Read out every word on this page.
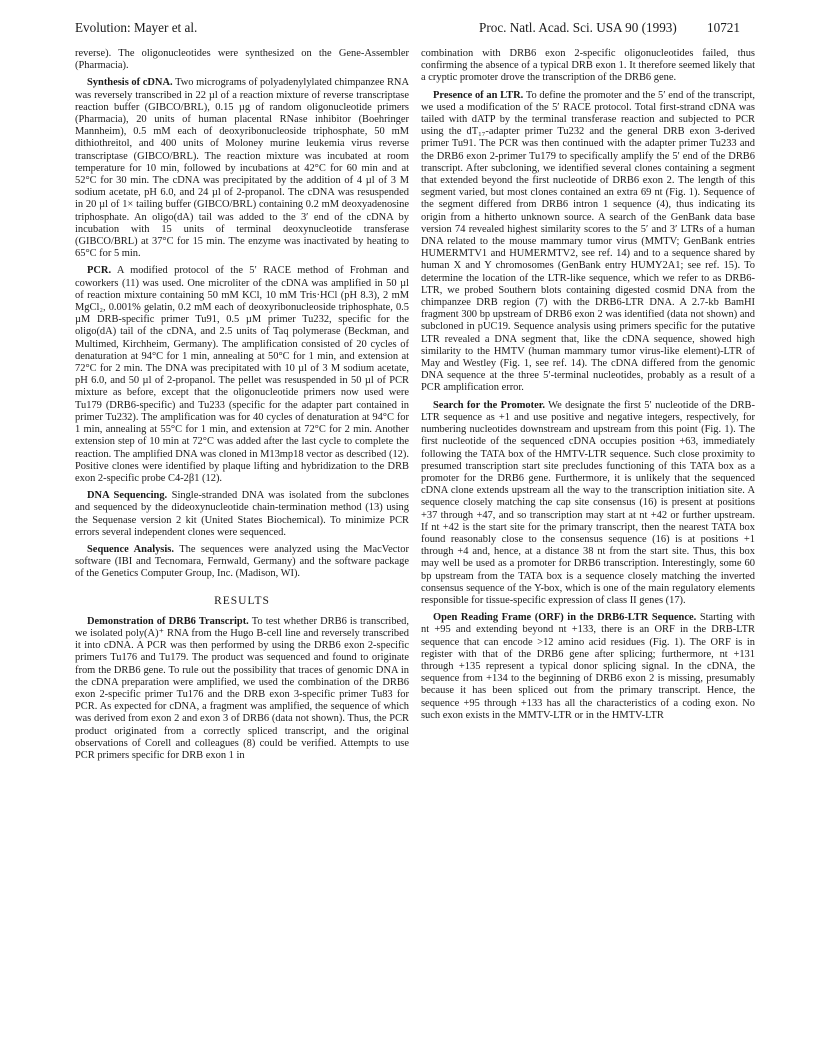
Evolution: Mayer et al.	Proc. Natl. Acad. Sci. USA 90 (1993) 10721

reverse). The oligonucleotides were synthesized on the Gene-Assembler (Pharmacia).

Synthesis of cDNA. Two micrograms of polyadenylylated chimpanzee RNA was reversely transcribed in 22 µl of a reaction mixture of reverse transcriptase reaction buffer (GIBCO/BRL), 0.15 µg of random oligonucleotide primers (Pharmacia), 20 units of human placental RNase inhibitor (Boehringer Mannheim), 0.5 mM each of deoxyribonucleoside triphosphate, 50 mM dithiothreitol, and 400 units of Moloney murine leukemia virus reverse transcriptase (GIBCO/BRL). The reaction mixture was incubated at room temperature for 10 min, followed by incubations at 42°C for 60 min and at 52°C for 30 min. The cDNA was precipitated by the addition of 4 µl of 3 M sodium acetate, pH 6.0, and 24 µl of 2-propanol. The cDNA was resuspended in 20 µl of 1× tailing buffer (GIBCO/BRL) containing 0.2 mM deoxyadenosine triphosphate. An oligo(dA) tail was added to the 3′ end of the cDNA by incubation with 15 units of terminal deoxynucleotide transferase (GIBCO/BRL) at 37°C for 15 min. The enzyme was inactivated by heating to 65°C for 5 min.

PCR. A modified protocol of the 5′ RACE method of Frohman and coworkers (11) was used. One microliter of the cDNA was amplified in 50 µl of reaction mixture containing 50 mM KCl, 10 mM Tris·HCl (pH 8.3), 2 mM MgCl₂, 0.001% gelatin, 0.2 mM each of deoxyribonucleoside triphosphate, 0.5 µM DRB-specific primer Tu91, 0.5 µM primer Tu232, specific for the oligo(dA) tail of the cDNA, and 2.5 units of Taq polymerase (Beckman, and Multimed, Kirchheim, Germany). The amplification consisted of 20 cycles of denaturation at 94°C for 1 min, annealing at 50°C for 1 min, and extension at 72°C for 2 min. The DNA was precipitated with 10 µl of 3 M sodium acetate, pH 6.0, and 50 µl of 2-propanol. The pellet was resuspended in 50 µl of PCR mixture as before, except that the oligonucleotide primers now used were Tu179 (DRB6-specific) and Tu233 (specific for the adapter part contained in primer Tu232). The amplification was for 40 cycles of denaturation at 94°C for 1 min, annealing at 55°C for 1 min, and extension at 72°C for 2 min. Another extension step of 10 min at 72°C was added after the last cycle to complete the reaction. The amplified DNA was cloned in M13mp18 vector as described (12). Positive clones were identified by plaque lifting and hybridization to the DRB exon 2-specific probe C4-2β1 (12).

DNA Sequencing. Single-stranded DNA was isolated from the subclones and sequenced by the dideoxynucleotide chain-termination method (13) using the Sequenase version 2 kit (United States Biochemical). To minimize PCR errors several independent clones were sequenced.

Sequence Analysis. The sequences were analyzed using the MacVector software (IBI and Tecnomara, Fernwald, Germany) and the software package of the Genetics Computer Group, Inc. (Madison, WI).

RESULTS

Demonstration of DRB6 Transcript. To test whether DRB6 is transcribed, we isolated poly(A)⁺ RNA from the Hugo B-cell line and reversely transcribed it into cDNA. A PCR was then performed by using the DRB6 exon 2-specific primers Tu176 and Tu179. The product was sequenced and found to originate from the DRB6 gene. To rule out the possibility that traces of genomic DNA in the cDNA preparation were amplified, we used the combination of the DRB6 exon 2-specific primer Tu176 and the DRB exon 3-specific primer Tu83 for PCR. As expected for cDNA, a fragment was amplified, the sequence of which was derived from exon 2 and exon 3 of DRB6 (data not shown). Thus, the PCR product originated from a correctly spliced transcript, and the original observations of Corell and colleagues (8) could be verified. Attempts to use PCR primers specific for DRB exon 1 in

combination with DRB6 exon 2-specific oligonucleotides failed, thus confirming the absence of a typical DRB exon 1. It therefore seemed likely that a cryptic promoter drove the transcription of the DRB6 gene.

Presence of an LTR. To define the promoter and the 5′ end of the transcript, we used a modification of the 5′ RACE protocol. Total first-strand cDNA was tailed with dATP by the terminal transferase reaction and subjected to PCR using the dT₁₇-adapter primer Tu232 and the general DRB exon 3-derived primer Tu91. The PCR was then continued with the adapter primer Tu233 and the DRB6 exon 2-primer Tu179 to specifically amplify the 5′ end of the DRB6 transcript. After subcloning, we identified several clones containing a segment that extended beyond the first nucleotide of DRB6 exon 2. The length of this segment varied, but most clones contained an extra 69 nt (Fig. 1). Sequence of the segment differed from DRB6 intron 1 sequence (4), thus indicating its origin from a hitherto unknown source. A search of the GenBank data base version 74 revealed highest similarity scores to the 5′ and 3′ LTRs of a human DNA related to the mouse mammary tumor virus (MMTV; GenBank entries HUMERMTV1 and HUMERMTV2, see ref. 14) and to a sequence shared by human X and Y chromosomes (GenBank entry HUMY2A1; see ref. 15). To determine the location of the LTR-like sequence, which we refer to as DRB6-LTR, we probed Southern blots containing digested cosmid DNA from the chimpanzee DRB region (7) with the DRB6-LTR DNA. A 2.7-kb BamHI fragment 300 bp upstream of DRB6 exon 2 was identified (data not shown) and subcloned in pUC19. Sequence analysis using primers specific for the putative LTR revealed a DNA segment that, like the cDNA sequence, showed high similarity to the HMTV (human mammary tumor virus-like element)-LTR of May and Westley (Fig. 1, see ref. 14). The cDNA differed from the genomic DNA sequence at the three 5′-terminal nucleotides, probably as a result of a PCR amplification error.

Search for the Promoter. We designate the first 5′ nucleotide of the DRB-LTR sequence as +1 and use positive and negative integers, respectively, for numbering nucleotides downstream and upstream from this point (Fig. 1). The first nucleotide of the sequenced cDNA occupies position +63, immediately following the TATA box of the HMTV-LTR sequence. Such close proximity to presumed transcription start site precludes functioning of this TATA box as a promoter for the DRB6 gene. Furthermore, it is unlikely that the sequenced cDNA clone extends upstream all the way to the transcription initiation site. A sequence closely matching the cap site consensus (16) is present at positions +37 through +47, and so transcription may start at nt +42 or further upstream. If nt +42 is the start site for the primary transcript, then the nearest TATA box found reasonably close to the consensus sequence (16) is at positions +1 through +4 and, hence, at a distance 38 nt from the start site. Thus, this box may well be used as a promoter for DRB6 transcription. Interestingly, some 60 bp upstream from the TATA box is a sequence closely matching the inverted consensus sequence of the Y-box, which is one of the main regulatory elements responsible for tissue-specific expression of class II genes (17).

Open Reading Frame (ORF) in the DRB6-LTR Sequence. Starting with nt +95 and extending beyond nt +133, there is an ORF in the DRB-LTR sequence that can encode >12 amino acid residues (Fig. 1). The ORF is in register with that of the DRB6 gene after splicing; furthermore, nt +131 through +135 represent a typical donor splicing signal. In the cDNA, the sequence from +134 to the beginning of DRB6 exon 2 is missing, presumably because it has been spliced out from the primary transcript. Hence, the sequence +95 through +133 has all the characteristics of a coding exon. No such exon exists in the MMTV-LTR or in the HMTV-LTR
